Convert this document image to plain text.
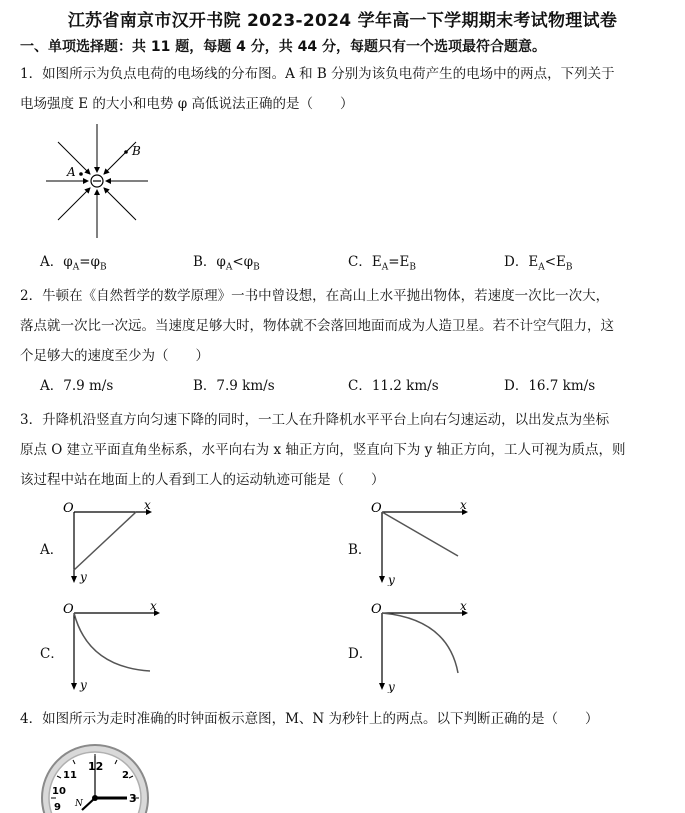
江苏省南京市汉开书院 2023-2024 学年高一下学期期末考试物理试卷
一、单项选择题：共 11 题，每题 4 分，共 44 分，每题只有一个选项最符合题意。
1．如图所示为负点电荷的电场线的分布图。A 和 B 分别为该负电荷产生的电场中的两点，下列关于
电场强度 E 的大小和电势 φ 高低说法正确的是（　　）
A
B
A．$\varphi_A=\varphi_B$	B．$\varphi_A<\varphi_B$	C．$E_A=E_B$	D．$E_A<E_B$
2．牛顿在《自然哲学的数学原理》一书中曾设想，在高山上水平抛出物体，若速度一次比一次大，
落点就一次比一次远。当速度足够大时，物体就不会落回地面而成为人造卫星。若不计空气阻力，这
个足够大的速度至少为（　　）
A．7.9 m/s	B．7.9 km/s	C．11.2 km/s	D．16.7 km/s
3．升降机沿竖直方向匀速下降的同时，一工人在升降机水平平台上向右匀速运动，以出发点为坐标
原点 O 建立平面直角坐标系，水平向右为 x 轴正方向，竖直向下为 y 轴正方向，工人可视为质点，则
该过程中站在地面上的人看到工人的运动轨迹可能是（　　）
A．	B．
C．	D．
O	x
y
O	x
y
O	x
y
O	x
y
4．如图所示为走时准确的时钟面板示意图，M、N 为秒针上的两点。以下判断正确的是（　　）
12
11
10
2
3
9 N
